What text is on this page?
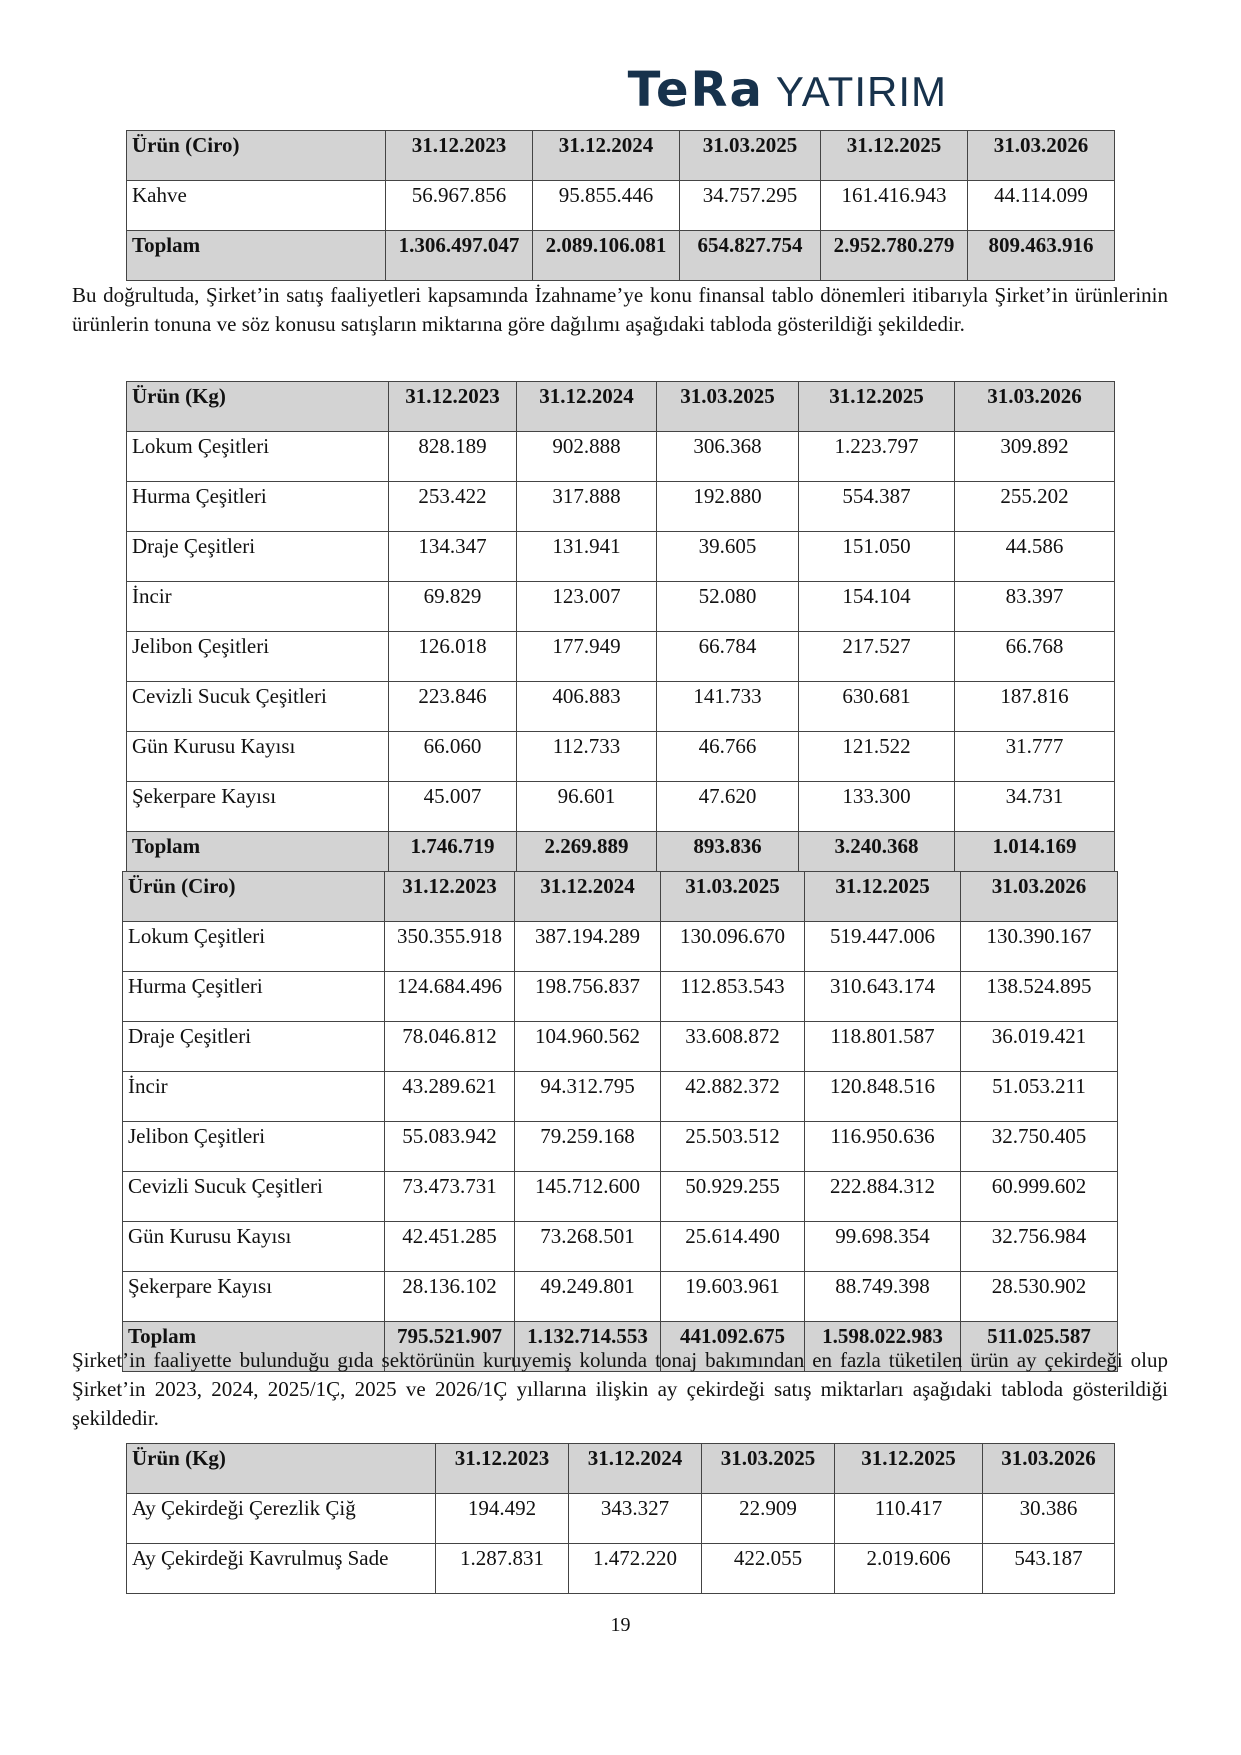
TeRa YATIRIM
Ürün (Ciro)	31.12.2023	31.12.2024	31.03.2025	31.12.2025	31.03.2026
Kahve	56.967.856	95.855.446	34.757.295	161.416.943	44.114.099
Toplam	1.306.497.047	2.089.106.081	654.827.754	2.952.780.279	809.463.916

Bu doğrultuda, Şirket’in satış faaliyetleri kapsamında İzahname’ye konu finansal tablo dönemleri itibarıyla Şirket’in ürünlerinin ürünlerin tonuna ve söz konusu satışların miktarına göre dağılımı aşağıdaki tabloda gösterildiği şekildedir.

Ürün (Kg)	31.12.2023	31.12.2024	31.03.2025	31.12.2025	31.03.2026
Lokum Çeşitleri	828.189	902.888	306.368	1.223.797	309.892
Hurma Çeşitleri	253.422	317.888	192.880	554.387	255.202
Draje Çeşitleri	134.347	131.941	39.605	151.050	44.586
İncir	69.829	123.007	52.080	154.104	83.397
Jelibon Çeşitleri	126.018	177.949	66.784	217.527	66.768
Cevizli Sucuk Çeşitleri	223.846	406.883	141.733	630.681	187.816
Gün Kurusu Kayısı	66.060	112.733	46.766	121.522	31.777
Şekerpare Kayısı	45.007	96.601	47.620	133.300	34.731
Toplam	1.746.719	2.269.889	893.836	3.240.368	1.014.169
Ürün (Ciro)	31.12.2023	31.12.2024	31.03.2025	31.12.2025	31.03.2026
Lokum Çeşitleri	350.355.918	387.194.289	130.096.670	519.447.006	130.390.167
Hurma Çeşitleri	124.684.496	198.756.837	112.853.543	310.643.174	138.524.895
Draje Çeşitleri	78.046.812	104.960.562	33.608.872	118.801.587	36.019.421
İncir	43.289.621	94.312.795	42.882.372	120.848.516	51.053.211
Jelibon Çeşitleri	55.083.942	79.259.168	25.503.512	116.950.636	32.750.405
Cevizli Sucuk Çeşitleri	73.473.731	145.712.600	50.929.255	222.884.312	60.999.602
Gün Kurusu Kayısı	42.451.285	73.268.501	25.614.490	99.698.354	32.756.984
Şekerpare Kayısı	28.136.102	49.249.801	19.603.961	88.749.398	28.530.902
Toplam	795.521.907	1.132.714.553	441.092.675	1.598.022.983	511.025.587

Şirket’in faaliyette bulunduğu gıda sektörünün kuruyemiş kolunda tonaj bakımından en fazla tüketilen ürün ay çekirdeği olup Şirket’in 2023, 2024, 2025/1Ç, 2025 ve 2026/1Ç yıllarına ilişkin ay çekirdeği satış miktarları aşağıdaki tabloda gösterildiği şekildedir.

Ürün (Kg)	31.12.2023	31.12.2024	31.03.2025	31.12.2025	31.03.2026
Ay Çekirdeği Çerezlik Çiğ	194.492	343.327	22.909	110.417	30.386
Ay Çekirdeği Kavrulmuş Sade	1.287.831	1.472.220	422.055	2.019.606	543.187
19
